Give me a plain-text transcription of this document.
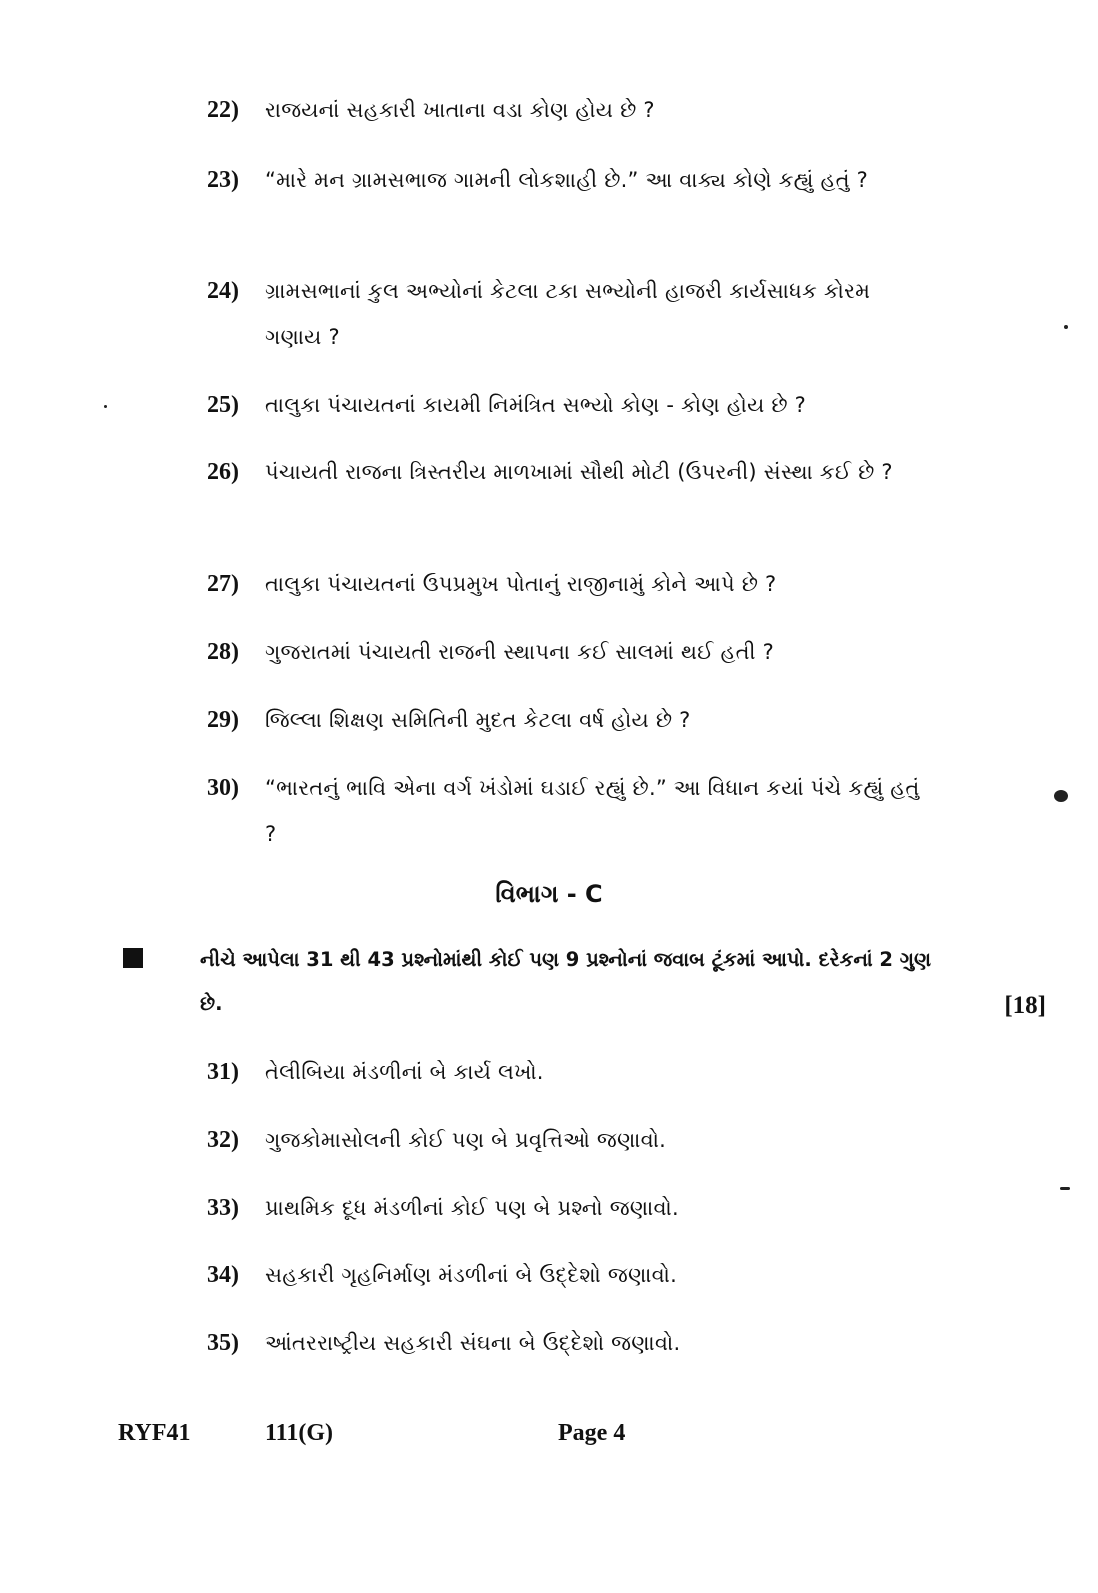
22) રાજયનાં સહકારી ખાતાના વડા કોણ હોય છે ?
23) “મારે મન ગ્રામસભાજ ગામની લોકશાહી છે.” આ વાક્ય કોણે કહ્યું હતું ?
24) ગ્રામસભાનાં કુલ અભ્યોનાં કેટલા ટકા સભ્યોની હાજરી કાર્યસાધક કોરમ ગણાય ?
25) તાલુકા પંચાયતનાં કાયમી નિમંત્રિત સભ્યો કોણ - કોણ હોય છે ?
26) પંચાયતી રાજના ત્રિસ્તરીય માળખામાં સૌથી મોટી (ઉપરની) સંસ્થા કઈ છે ?
27) તાલુકા પંચાયતનાં ઉપપ્રમુખ પોતાનું રાજીનામું કોને આપે છે ?
28) ગુજરાતમાં પંચાયતી રાજની સ્થાપના કઈ સાલમાં થઈ હતી ?
29) જિલ્લા શિક્ષણ સમિતિની મુદત કેટલા વર્ષ હોય છે ?
30) “ભારતનું ભાવિ એના વર્ગ ખંડોમાં ઘડાઈ રહ્યું છે.” આ વિધાન કયાં પંચે કહ્યું હતું ?
વિભાગ - C
નીચે આપેલા 31 થી 43 પ્રશ્નોમાંથી કોઈ પણ 9 પ્રશ્નોનાં જવાબ ટૂંકમાં આપો. દરેકનાં 2 ગુણ છે.	[18]
31) તેલીબિયા મંડળીનાં બે કાર્ય લખો.
32) ગુજકોમાસોલની કોઈ પણ બે પ્રવૃત્તિઓ જણાવો.
33) પ્રાથમિક દૂધ મંડળીનાં કોઈ પણ બે પ્રશ્નો જણાવો.
34) સહકારી ગૃહનિર્માણ મંડળીનાં બે ઉદ્દેશો જણાવો.
35) આંતરરાષ્ટ્રીય સહકારી સંઘના બે ઉદ્દેશો જણાવો.
RYF41	111(G)	Page 4
